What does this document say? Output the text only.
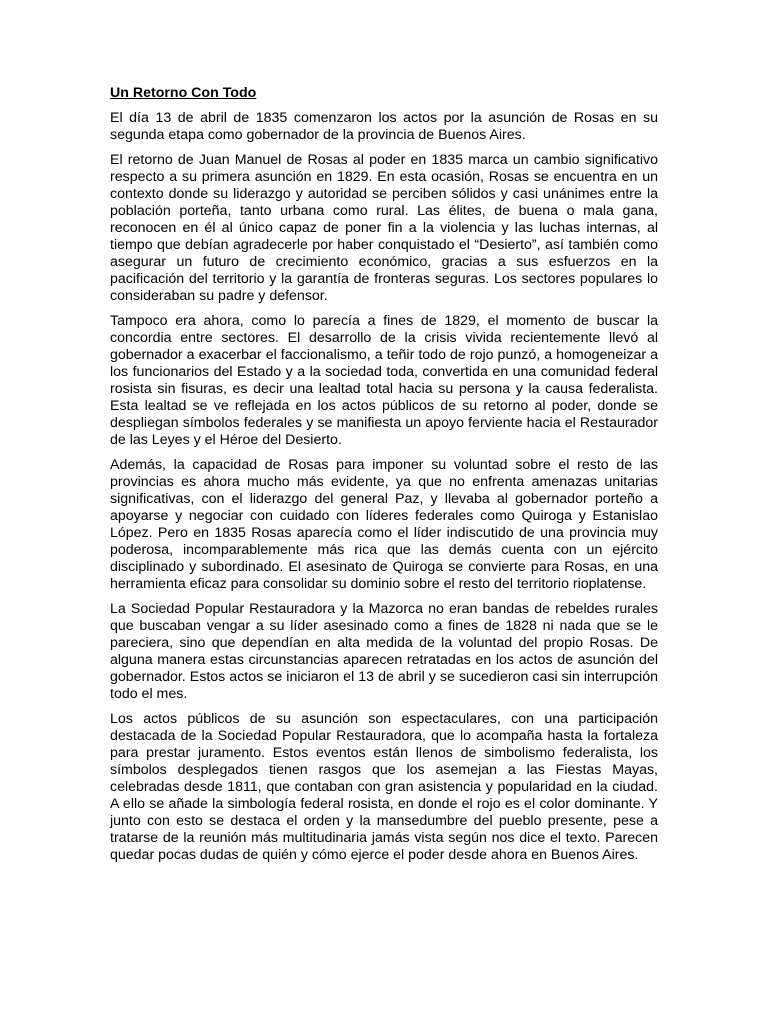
Un Retorno Con Todo

El día 13 de abril de 1835 comenzaron los actos por la asunción de Rosas en su segunda etapa como gobernador de la provincia de Buenos Aires.

El retorno de Juan Manuel de Rosas al poder en 1835 marca un cambio significativo respecto a su primera asunción en 1829. En esta ocasión, Rosas se encuentra en un contexto donde su liderazgo y autoridad se perciben sólidos y casi unánimes entre la población porteña, tanto urbana como rural. Las élites, de buena o mala gana, reconocen en él al único capaz de poner fin a la violencia y las luchas internas, al tiempo que debían agradecerle por haber conquistado el “Desierto”, así también como asegurar un futuro de crecimiento económico, gracias a sus esfuerzos en la pacificación del territorio y la garantía de fronteras seguras. Los sectores populares lo consideraban su padre y defensor.

Tampoco era ahora, como lo parecía a fines de 1829, el momento de buscar la concordia entre sectores. El desarrollo de la crisis vivida recientemente llevó al gobernador a exacerbar el faccionalismo, a teñir todo de rojo punzó, a homogeneizar a los funcionarios del Estado y a la sociedad toda, convertida en una comunidad federal rosista sin fisuras, es decir una lealtad total hacia su persona y la causa federalista. Esta lealtad se ve reflejada en los actos públicos de su retorno al poder, donde se despliegan símbolos federales y se manifiesta un apoyo ferviente hacia el Restaurador de las Leyes y el Héroe del Desierto.

Además, la capacidad de Rosas para imponer su voluntad sobre el resto de las provincias es ahora mucho más evidente, ya que no enfrenta amenazas unitarias significativas, con el liderazgo del general Paz, y llevaba al gobernador porteño a apoyarse y negociar con cuidado con líderes federales como Quiroga y Estanislao López. Pero en 1835 Rosas aparecía como el líder indiscutido de una provincia muy poderosa, incomparablemente más rica que las demás cuenta con un ejército disciplinado y subordinado. El asesinato de Quiroga se convierte para Rosas, en una herramienta eficaz para consolidar su dominio sobre el resto del territorio rioplatense.

La Sociedad Popular Restauradora y la Mazorca no eran bandas de rebeldes rurales que buscaban vengar a su líder asesinado como a fines de 1828 ni nada que se le pareciera, sino que dependían en alta medida de la voluntad del propio Rosas. De alguna manera estas circunstancias aparecen retratadas en los actos de asunción del gobernador. Estos actos se iniciaron el 13 de abril y se sucedieron casi sin interrupción todo el mes.

Los actos públicos de su asunción son espectaculares, con una participación destacada de la Sociedad Popular Restauradora, que lo acompaña hasta la fortaleza para prestar juramento. Estos eventos están llenos de simbolismo federalista, los símbolos desplegados tienen rasgos que los asemejan a las Fiestas Mayas, celebradas desde 1811, que contaban con gran asistencia y popularidad en la ciudad. A ello se añade la simbología federal rosista, en donde el rojo es el color dominante. Y junto con esto se destaca el orden y la mansedumbre del pueblo presente, pese a tratarse de la reunión más multitudinaria jamás vista según nos dice el texto. Parecen quedar pocas dudas de quién y cómo ejerce el poder desde ahora en Buenos Aires.
